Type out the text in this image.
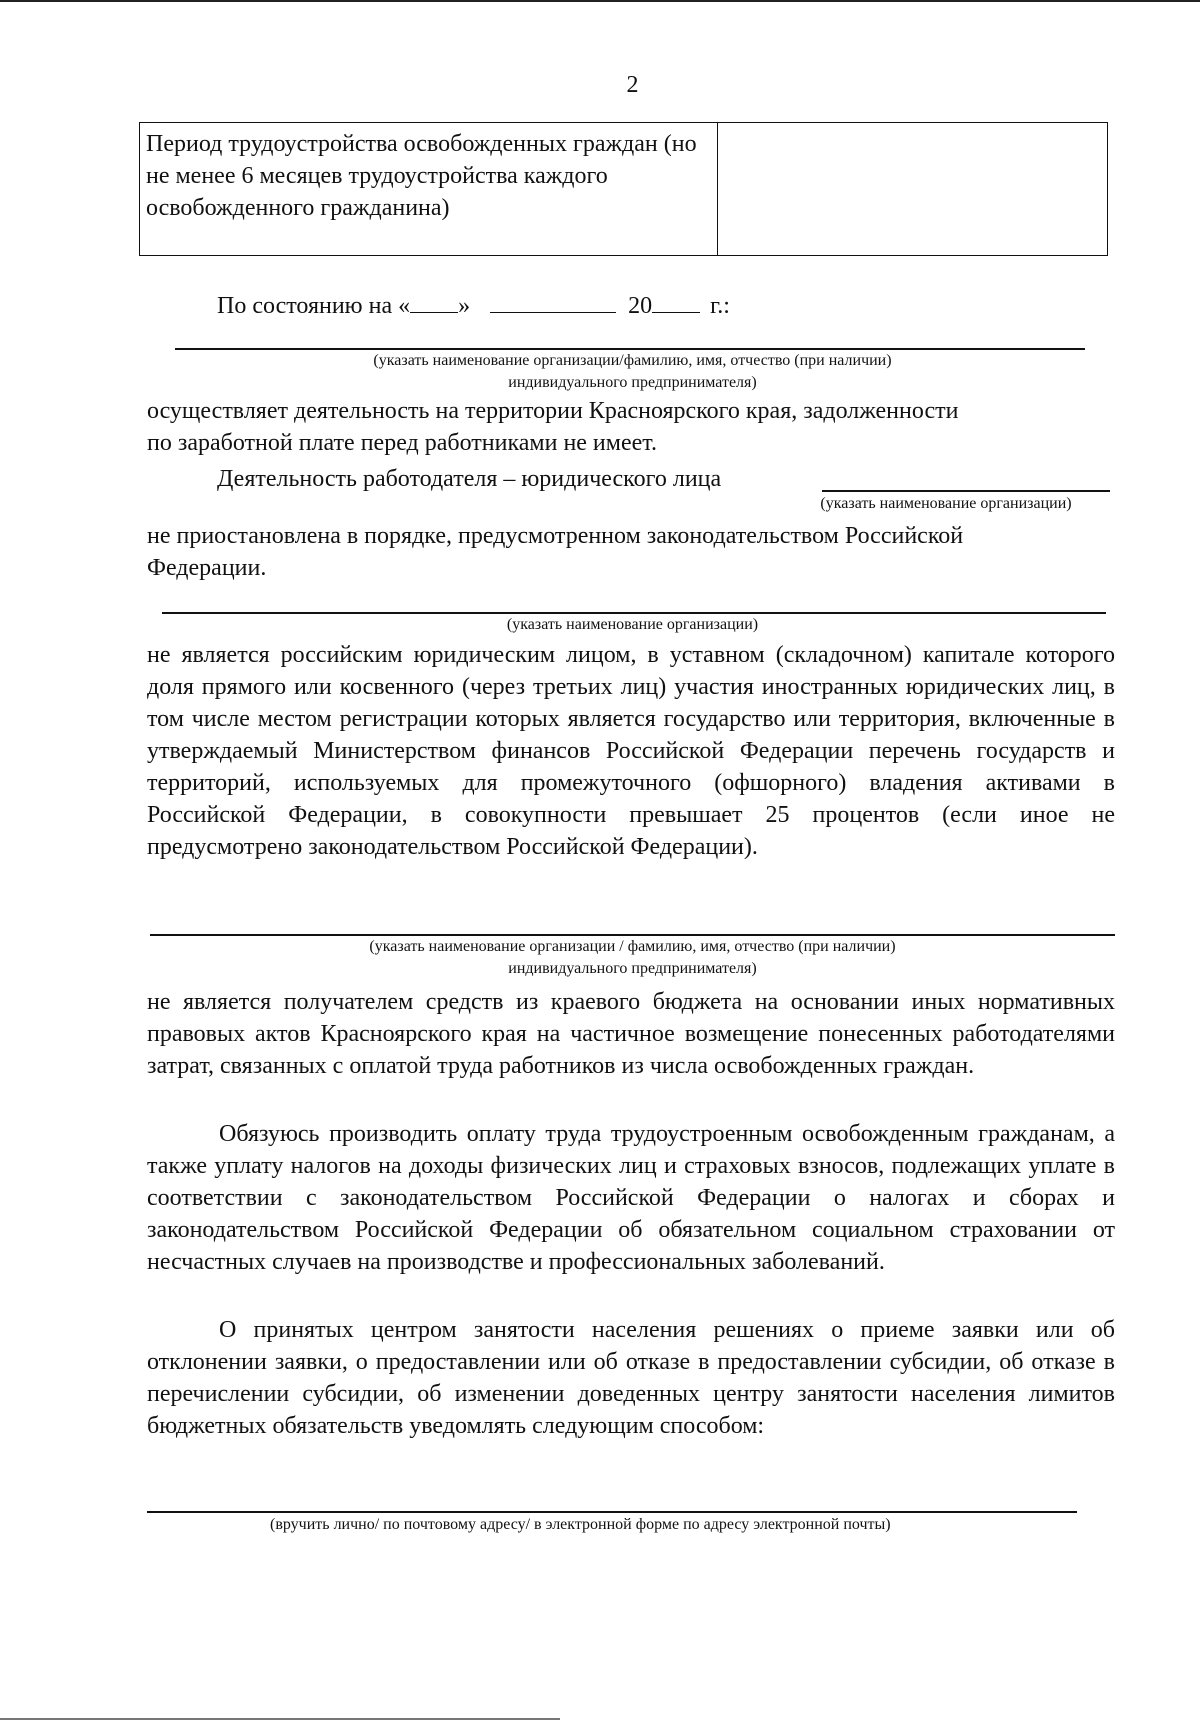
2
Период трудоустройства освобожденных граждан (но не менее 6 месяцев трудоустройства каждого освобожденного гражданина)	
По состоянию на « »	20 г.:
(указать наименование организации/фамилию, имя, отчество (при наличии)
индивидуального предпринимателя)
осуществляет деятельность на территории Красноярского края, задолженности
по заработной плате перед работниками не имеет.
Деятельность работодателя – юридического лица
(указать наименование организации)
не приостановлена в порядке, предусмотренном законодательством Российской
Федерации.
(указать наименование организации)

не является российским юридическим лицом, в уставном (складочном) капитале которого доля прямого или косвенного (через третьих лиц) участия иностранных юридических лиц, в том числе местом регистрации которых является государство или территория, включенные в утверждаемый Министерством финансов Российской Федерации перечень государств и территорий, используемых для промежуточного (офшорного) владения активами в Российской Федерации, в совокупности превышает 25 процентов (если иное не предусмотрено законодательством Российской Федерации).

(указать наименование организации / фамилию, имя, отчество (при наличии)
индивидуального предпринимателя)

не является получателем средств из краевого бюджета на основании иных нормативных правовых актов Красноярского края на частичное возмещение понесенных работодателями затрат, связанных с оплатой труда работников из числа освобожденных граждан.

Обязуюсь производить оплату труда трудоустроенным освобожденным гражданам, а также уплату налогов на доходы физических лиц и страховых взносов, подлежащих уплате в соответствии с законодательством Российской Федерации о налогах и сборах и законодательством Российской Федерации об обязательном социальном страховании от несчастных случаев на производстве и профессиональных заболеваний.

О принятых центром занятости населения решениях о приеме заявки или об отклонении заявки, о предоставлении или об отказе в предоставлении субсидии, об отказе в перечислении субсидии, об изменении доведенных центру занятости населения лимитов бюджетных обязательств уведомлять следующим способом:

(вручить лично/ по почтовому адресу/ в электронной форме по адресу электронной почты)
